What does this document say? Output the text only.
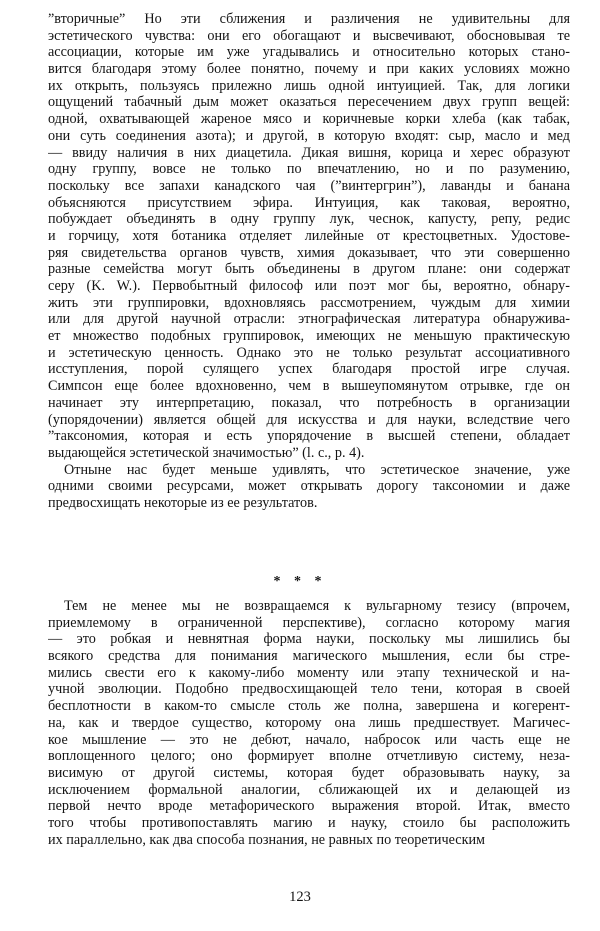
”вторичные” Но эти сближения и различения не удивительны для
эстетического чувства: они его обогащают и высвечивают, обосновывая те
ассоциации, которые им уже угадывались и относительно которых стано-
вится благодаря этому более понятно, почему и при каких условиях можно
их открыть, пользуясь прилежно лишь одной интуицией. Так, для логики
ощущений табачный дым может оказаться пересечением двух групп вещей:
одной, охватывающей жареное мясо и коричневые корки хлеба (как табак,
они суть соединения азота); и другой, в которую входят: сыр, масло и мед
— ввиду наличия в них диацетила. Дикая вишня, корица и херес образуют
одну группу, вовсе не только по впечатлению, но и по разумению,
поскольку все запахи канадского чая (”винтергрин”), лаванды и банана
объясняются присутствием эфира. Интуиция, как таковая, вероятно,
побуждает объединять в одну группу лук, чеснок, капусту, репу, редис
и горчицу, хотя ботаника отделяет лилейные от крестоцветных. Удостове-
ряя свидетельства органов чувств, химия доказывает, что эти совершенно
разные семейства могут быть объединены в другом плане: они содержат
серу (K. W.). Первобытный философ или поэт мог бы, вероятно, обнару-
жить эти группировки, вдохновляясь рассмотрением, чуждым для химии
или для другой научной отрасли: этнографическая литература обнаружива-
ет множество подобных группировок, имеющих не меньшую практическую
и эстетическую ценность. Однако это не только результат ассоциативного
исступления, порой сулящего успех благодаря простой игре случая.
Симпсон еще более вдохновенно, чем в вышеупомянутом отрывке, где он
начинает эту интерпретацию, показал, что потребность в организации
(упорядочении) является общей для искусства и для науки, вследствие чего
”таксономия, которая и есть упорядочение в высшей степени, обладает
выдающейся эстетической значимостью” (l. c., p. 4).
Отныне нас будет меньше удивлять, что эстетическое значение, уже
одними своими ресурсами, может открывать дорогу таксономии и даже
предвосхищать некоторые из ее результатов.
* * *
Тем не менее мы не возвращаемся к вульгарному тезису (впрочем,
приемлемому в ограниченной перспективе), согласно которому магия
— это робкая и невнятная форма науки, поскольку мы лишились бы
всякого средства для понимания магического мышления, если бы стре-
мились свести его к какому-либо моменту или этапу технической и на-
учной эволюции. Подобно предвосхищающей тело тени, которая в своей
бесплотности в каком-то смысле столь же полна, завершена и когерент-
на, как и твердое существо, которому она лишь предшествует. Магичес-
кое мышление — это не дебют, начало, набросок или часть еще не
воплощенного целого; оно формирует вполне отчетливую систему, неза-
висимую от другой системы, которая будет образовывать науку, за
исключением формальной аналогии, сближающей их и делающей из
первой нечто вроде метафорического выражения второй. Итак, вместо
того чтобы противопоставлять магию и науку, стоило бы расположить
их параллельно, как два способа познания, не равных по теоретическим
123
